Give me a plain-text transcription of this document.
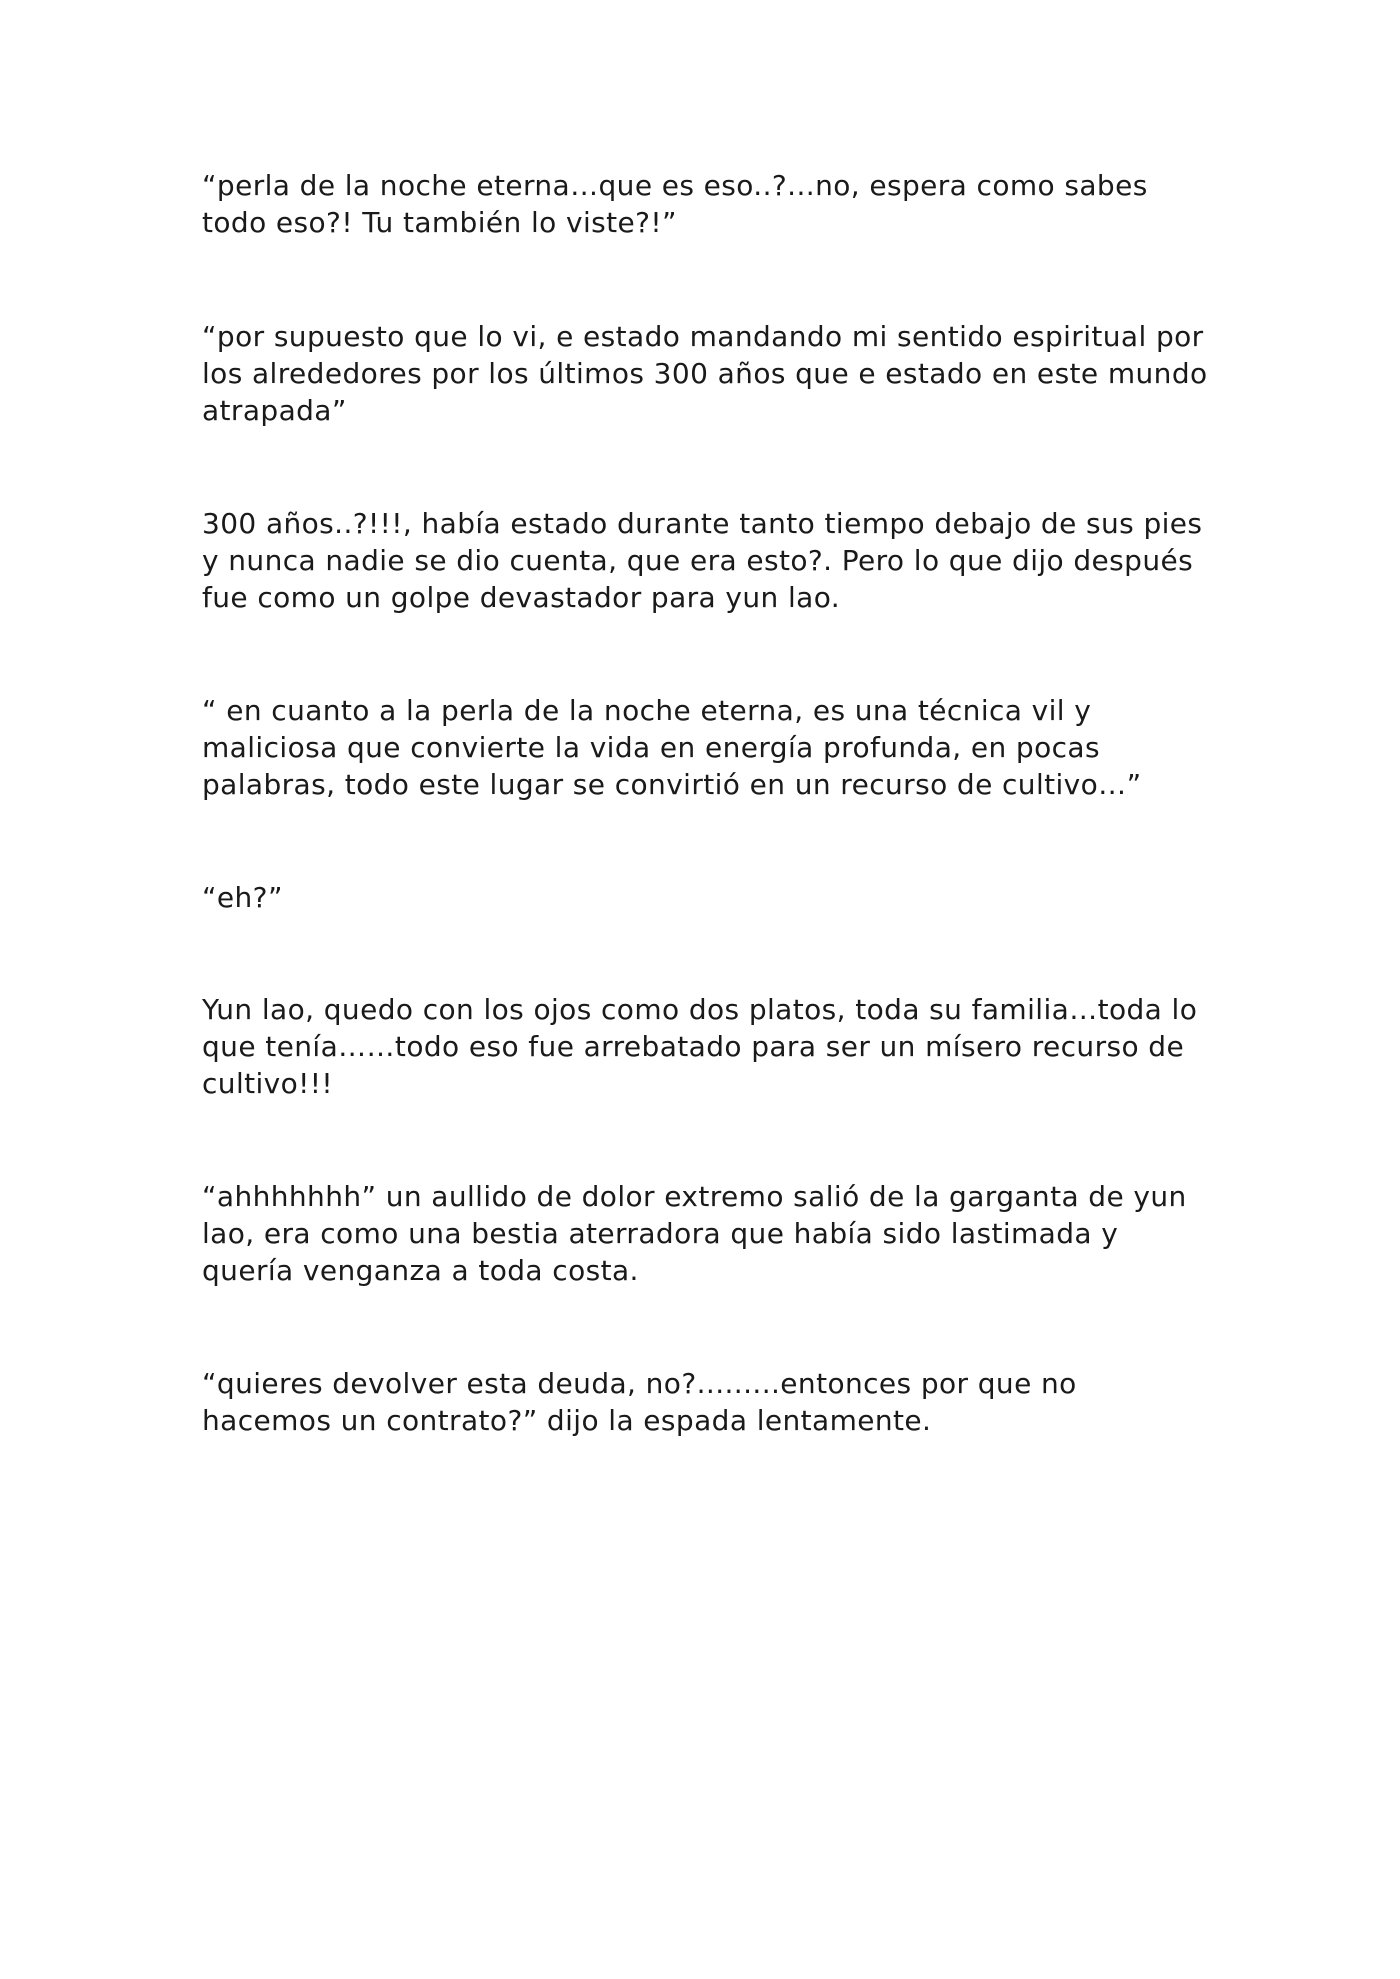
“perla de la noche eterna…que es eso..?...no, espera como sabes
todo eso?! Tu también lo viste?!”

“por supuesto que lo vi, e estado mandando mi sentido espiritual por
los alrededores por los últimos 300 años que e estado en este mundo
atrapada”

300 años..?!!!, había estado durante tanto tiempo debajo de sus pies
y nunca nadie se dio cuenta, que era esto?. Pero lo que dijo después
fue como un golpe devastador para yun lao.

“ en cuanto a la perla de la noche eterna, es una técnica vil y
maliciosa que convierte la vida en energía profunda, en pocas
palabras, todo este lugar se convirtió en un recurso de cultivo…”

“eh?”

Yun lao, quedo con los ojos como dos platos, toda su familia…toda lo
que tenía……todo eso fue arrebatado para ser un mísero recurso de
cultivo!!!

“ahhhhhhh” un aullido de dolor extremo salió de la garganta de yun
lao, era como una bestia aterradora que había sido lastimada y
quería venganza a toda costa.

“quieres devolver esta deuda, no?.........entonces por que no
hacemos un contrato?” dijo la espada lentamente.
